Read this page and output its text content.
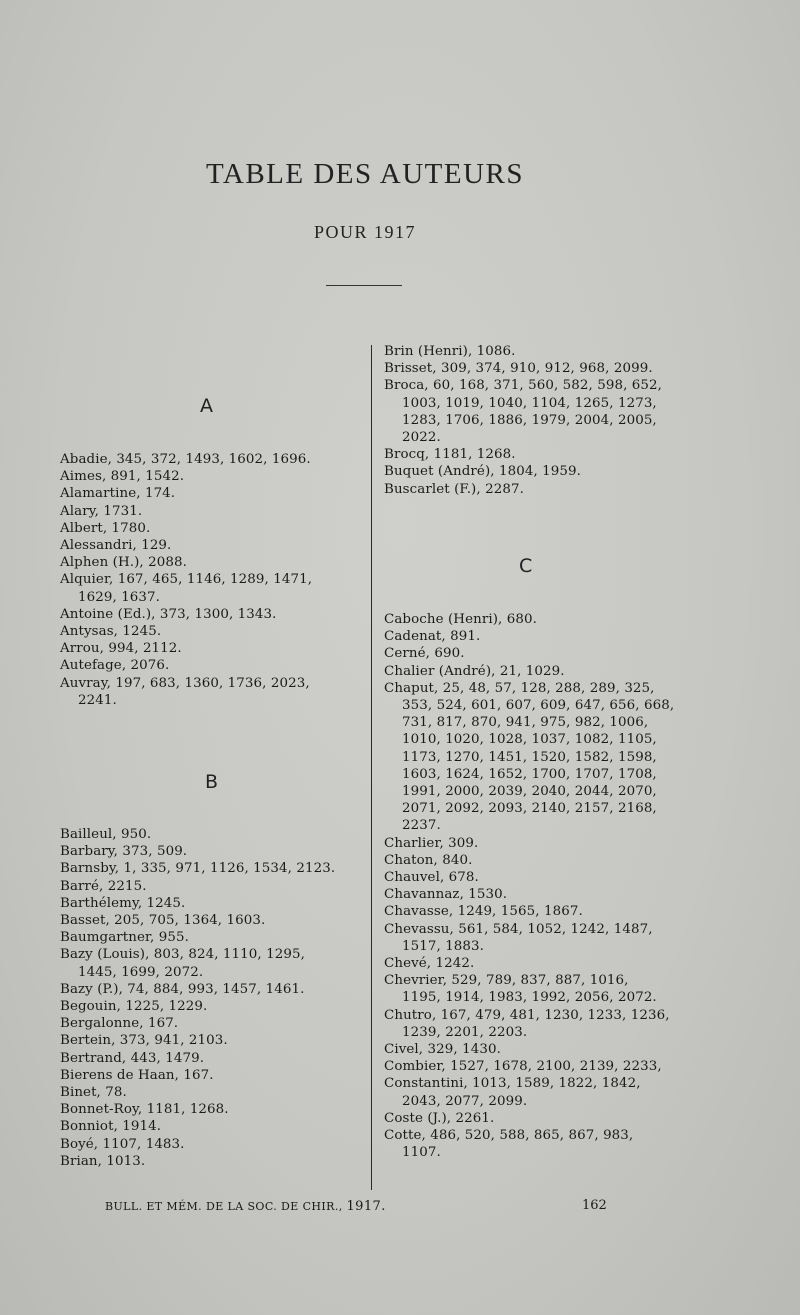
TABLE DES AUTEURS
POUR 1917
A
Abadie, 345, 372, 1493, 1602, 1696.
Aimes, 891, 1542.
Alamartine, 174.
Alary, 1731.
Albert, 1780.
Alessandri, 129.
Alphen (H.), 2088.
Alquier, 167, 465, 1146, 1289, 1471,
1629, 1637.
Antoine (Ed.), 373, 1300, 1343.
Antysas, 1245.
Arrou, 994, 2112.
Autefage, 2076.
Auvray, 197, 683, 1360, 1736, 2023,
2241.
B
Bailleul, 950.
Barbary, 373, 509.
Barnsby, 1, 335, 971, 1126, 1534, 2123.
Barré, 2215.
Barthélemy, 1245.
Basset, 205, 705, 1364, 1603.
Baumgartner, 955.
Bazy (Louis), 803, 824, 1110, 1295,
1445, 1699, 2072.
Bazy (P.), 74, 884, 993, 1457, 1461.
Begouin, 1225, 1229.
Bergalonne, 167.
Bertein, 373, 941, 2103.
Bertrand, 443, 1479.
Bierens de Haan, 167.
Binet, 78.
Bonnet-Roy, 1181, 1268.
Bonniot, 1914.
Boyé, 1107, 1483.
Brian, 1013.
Brin (Henri), 1086.
Brisset, 309, 374, 910, 912, 968, 2099.
Broca, 60, 168, 371, 560, 582, 598, 652,
1003, 1019, 1040, 1104, 1265, 1273,
1283, 1706, 1886, 1979, 2004, 2005,
2022.
Brocq, 1181, 1268.
Buquet (André), 1804, 1959.
Buscarlet (F.), 2287.
C
Caboche (Henri), 680.
Cadenat, 891.
Cerné, 690.
Chalier (André), 21, 1029.
Chaput, 25, 48, 57, 128, 288, 289, 325,
353, 524, 601, 607, 609, 647, 656, 668,
731, 817, 870, 941, 975, 982, 1006,
1010, 1020, 1028, 1037, 1082, 1105,
1173, 1270, 1451, 1520, 1582, 1598,
1603, 1624, 1652, 1700, 1707, 1708,
1991, 2000, 2039, 2040, 2044, 2070,
2071, 2092, 2093, 2140, 2157, 2168,
2237.
Charlier, 309.
Chaton, 840.
Chauvel, 678.
Chavannaz, 1530.
Chavasse, 1249, 1565, 1867.
Chevassu, 561, 584, 1052, 1242, 1487,
1517, 1883.
Chevé, 1242.
Chevrier, 529, 789, 837, 887, 1016,
1195, 1914, 1983, 1992, 2056, 2072.
Chutro, 167, 479, 481, 1230, 1233, 1236,
1239, 2201, 2203.
Civel, 329, 1430.
Combier, 1527, 1678, 2100, 2139, 2233,
Constantini, 1013, 1589, 1822, 1842,
2043, 2077, 2099.
Coste (J.), 2261.
Cotte, 486, 520, 588, 865, 867, 983,
1107.
BULL. ET MÉM. DE LA SOC. DE CHIR., 1917.	162
